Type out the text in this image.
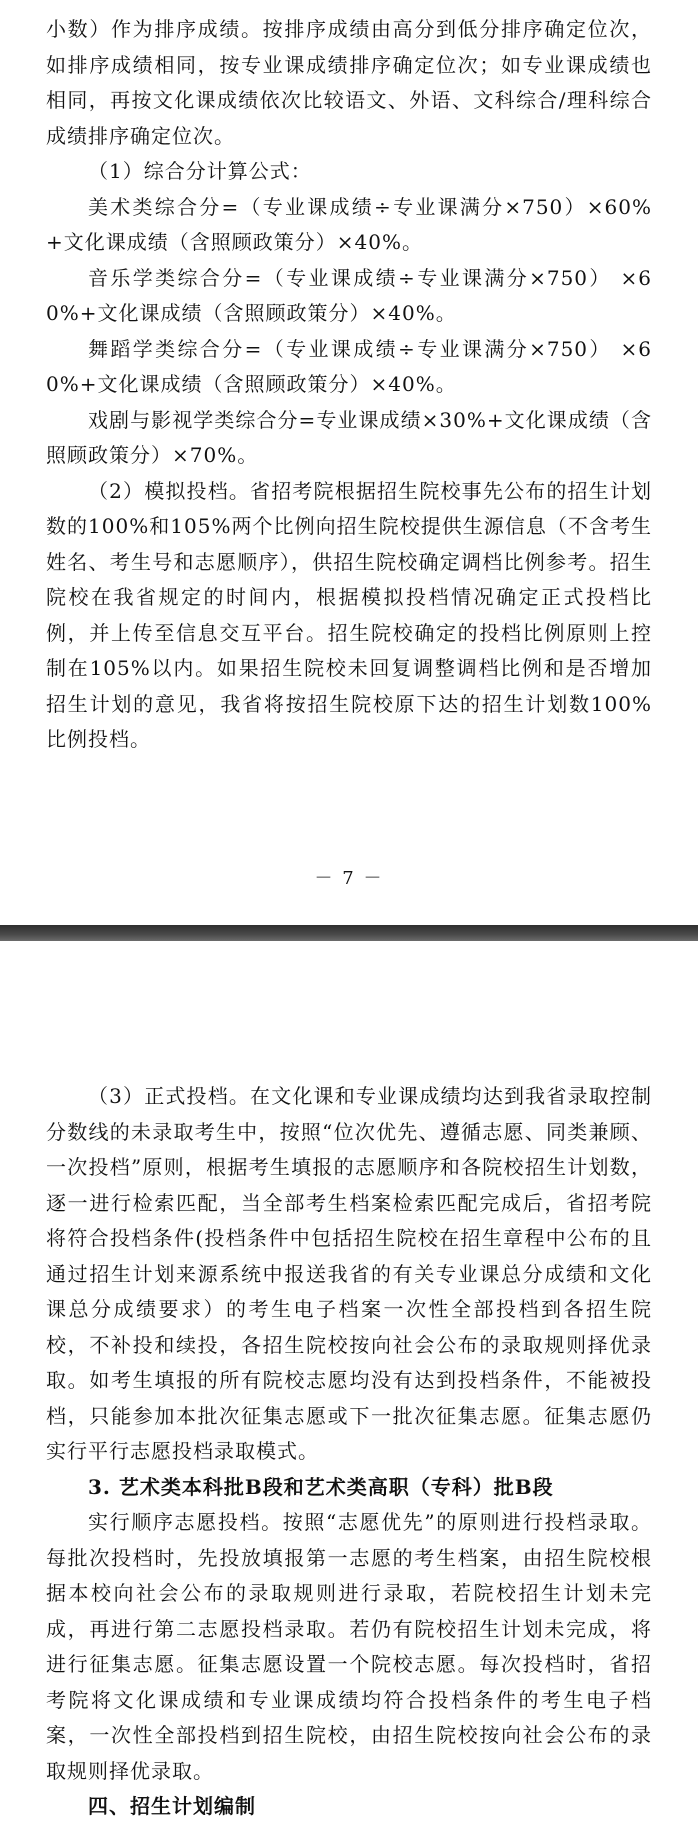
小数）作为排序成绩。按排序成绩由高分到低分排序确定位次，如排序成绩相同，按专业课成绩排序确定位次；如专业课成绩也相同，再按文化课成绩依次比较语文、外语、文科综合/理科综合成绩排序确定位次。

（1）综合分计算公式：

美术类综合分=（专业课成绩÷专业课满分×750）×60%+文化课成绩（含照顾政策分）×40%。

音乐学类综合分=（专业课成绩÷专业课满分×750） ×60%+文化课成绩（含照顾政策分）×40%。

舞蹈学类综合分=（专业课成绩÷专业课满分×750） ×60%+文化课成绩（含照顾政策分）×40%。

戏剧与影视学类综合分=专业课成绩×30%+文化课成绩（含照顾政策分）×70%。

（2）模拟投档。省招考院根据招生院校事先公布的招生计划数的100%和105%两个比例向招生院校提供生源信息（不含考生姓名、考生号和志愿顺序），供招生院校确定调档比例参考。招生院校在我省规定的时间内，根据模拟投档情况确定正式投档比例，并上传至信息交互平台。招生院校确定的投档比例原则上控制在105%以内。如果招生院校未回复调整调档比例和是否增加招生计划的意见，我省将按招生院校原下达的招生计划数100%比例投档。

－ 7 －

（3）正式投档。在文化课和专业课成绩均达到我省录取控制分数线的未录取考生中，按照“位次优先、遵循志愿、同类兼顾、一次投档”原则，根据考生填报的志愿顺序和各院校招生计划数，逐一进行检索匹配，当全部考生档案检索匹配完成后，省招考院将符合投档条件(投档条件中包括招生院校在招生章程中公布的且通过招生计划来源系统中报送我省的有关专业课总分成绩和文化课总分成绩要求）的考生电子档案一次性全部投档到各招生院校，不补投和续投，各招生院校按向社会公布的录取规则择优录取。如考生填报的所有院校志愿均没有达到投档条件，不能被投档，只能参加本批次征集志愿或下一批次征集志愿。征集志愿仍实行平行志愿投档录取模式。

3. 艺术类本科批B段和艺术类高职（专科）批B段

实行顺序志愿投档。按照“志愿优先”的原则进行投档录取。每批次投档时，先投放填报第一志愿的考生档案，由招生院校根据本校向社会公布的录取规则进行录取，若院校招生计划未完成，再进行第二志愿投档录取。若仍有院校招生计划未完成，将进行征集志愿。征集志愿设置一个院校志愿。每次投档时，省招考院将文化课成绩和专业课成绩均符合投档条件的考生电子档案，一次性全部投档到招生院校，由招生院校按向社会公布的录取规则择优录取。

四、招生计划编制
